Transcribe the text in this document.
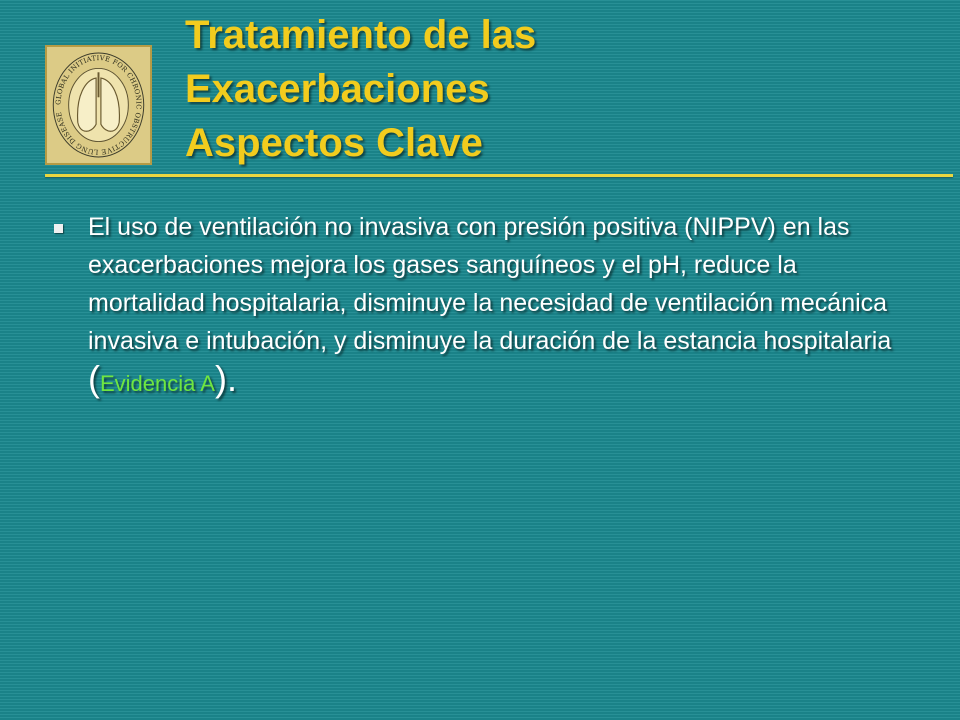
GLOBAL INITIATIVE FOR CHRONIC OBSTRUCTIVE LUNG DISEASE
Tratamiento de las
Exacerbaciones
Aspectos Clave

El uso de ventilación no invasiva con presión positiva (NIPPV) en las exacerbaciones mejora los gases sanguíneos y el pH, reduce la mortalidad hospitalaria, disminuye la necesidad de ventilación mecánica invasiva e intubación, y disminuye la duración de la estancia hospitalaria (Evidencia A).
